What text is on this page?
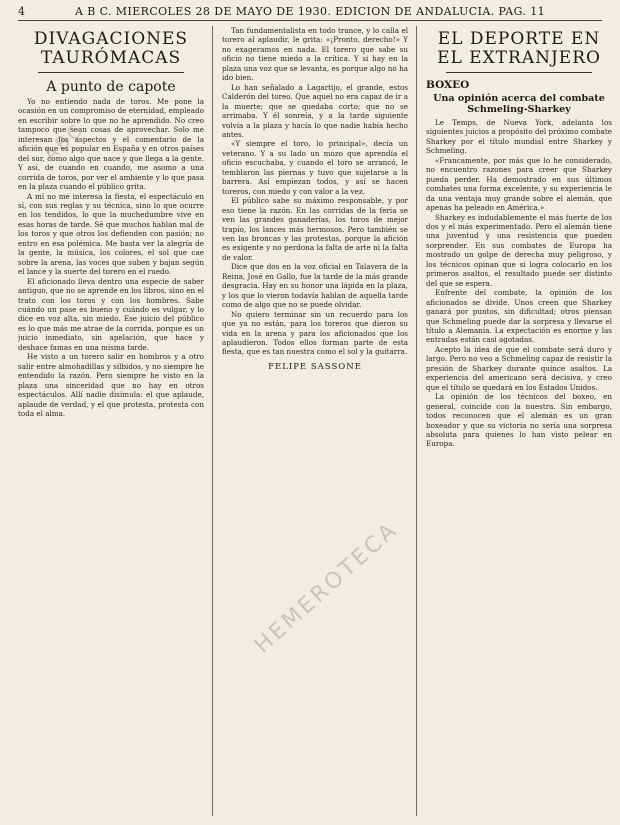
4	A B C. MIERCOLES 28 DE MAYO DE 1930. EDICION DE ANDALUCIA. PAG. 11
DIVAGACIONES TAURÓMACAS
A punto de capote

Yo no entiendo nada de toros. Me pone la ocasión en un compromiso de eternidad, empleado en escribir sobre lo que no he aprendido. No creo tampoco que sean cosas de aprovechar. Solo me interesan los aspectos y el comentario de la afición que es popular en España y en otros países del sur, como algo que nace y que llega a la gente. Y así, de cuando en cuando, me asomo a una corrida de toros, por ver el ambiente y lo que pasa en la plaza cuando el público grita.

A mí no me interesa la fiesta, el espectáculo en sí, con sus reglas y su técnica, sino lo que ocurre en los tendidos, lo que la muchedumbre vive en esas horas de tarde. Sé que muchos hablan mal de los toros y que otros los defienden con pasión; no entro en esa polémica. Me basta ver la alegría de la gente, la música, los colores, el sol que cae sobre la arena, las voces que suben y bajan según el lance y la suerte del torero en el ruedo.

El aficionado lleva dentro una especie de saber antiguo, que no se aprende en los libros, sino en el trato con los toros y con los hombres. Sabe cuándo un pase es bueno y cuándo es vulgar, y lo dice en voz alta, sin miedo. Ese juicio del público es lo que más me atrae de la corrida, porque es un juicio inmediato, sin apelación, que hace y deshace famas en una misma tarde.

He visto a un torero salir en hombros y a otro salir entre almohadillas y silbidos, y no siempre he entendido la razón. Pero siempre he visto en la plaza una sinceridad que no hay en otros espectáculos. Allí nadie disimula: el que aplaude, aplaude de verdad, y el que protesta, protesta con toda el alma.

Tan fundamentalista en todo trance, y lo calla el torero al aplaudir, le grita: «¡Pronto, derecho!» Y no exageramos en nada. El torero que sabe su oficio no tiene miedo a la crítica. Y si hay en la plaza una voz que se levanta, es porque algo no ha ido bien.

Lo han señalado a Lagartijo, el grande, estos Calderón del toreo. Que aquel no era capaz de ir a la muerte; que se quedaba corto; que no se arrimaba. Y él sonreía, y a la tarde siguiente volvía a la plaza y hacía lo que nadie había hecho antes.

«Y siempre el toro, lo principal», decía un veterano. Y a su lado un mozo que aprendía el oficio escuchaba, y cuando el toro se arrancó, le temblaron las piernas y tuvo que sujetarse a la barrera. Así empiezan todos, y así se hacen toreros, con miedo y con valor a la vez.

El público sabe su máximo responsable, y por eso tiene la razón. En las corridas de la feria se ven las grandes ganaderías, los toros de mejor trapío, los lances más hermosos. Pero también se ven las broncas y las protestas, porque la afición es exigente y no perdona la falta de arte ni la falta de valor.

Dice que dos en la voz oficial en Talavera de la Reina, José en Gallo, fue la tarde de la más grande desgracia. Hay en su honor una lápida en la plaza, y los que lo vieron todavía hablan de aquella tarde como de algo que no se puede olvidar.

No quiero terminar sin un recuerdo para los que ya no están, para los toreros que dieron su vida en la arena y para los aficionados que los aplaudieron. Todos ellos forman parte de esta fiesta, que es tan nuestra como el sol y la guitarra.

FELIPE SASSONE
EL DEPORTE EN EL EXTRANJERO
BOXEO
Una opinión acerca del combate Schmeling-Sharkey

Le Temps, de Nueva York, adelanta los siguientes juicios a propósito del próximo combate Sharkey por el título mundial entre Sharkey y Schmeling.

«Francamente, por más que lo he considerado, no encuentro razones para creer que Sharkey pueda perder. Ha demostrado en sus últimos combates una forma excelente, y su experiencia le da una ventaja muy grande sobre el alemán, que apenas ha peleado en América.»

Sharkey es indudablemente el más fuerte de los dos y el más experimentado. Pero el alemán tiene una juventud y una resistencia que pueden sorprender. En sus combates de Europa ha mostrado un golpe de derecha muy peligroso, y los técnicos opinan que si logra colocarlo en los primeros asaltos, el resultado puede ser distinto del que se espera.

Enfrente del combate, la opinión de los aficionados se divide. Unos creen que Sharkey ganará por puntos, sin dificultad; otros piensan que Schmeling puede dar la sorpresa y llevarse el título a Alemania. La expectación es enorme y las entradas están casi agotadas.

Acepto la idea de que el combate será duro y largo. Pero no veo a Schmeling capaz de resistir la presión de Sharkey durante quince asaltos. La experiencia del americano será decisiva, y creo que el título se quedará en los Estados Unidos.

La opinión de los técnicos del boxeo, en general, coincide con la nuestra. Sin embargo, todos reconocen que el alemán es un gran boxeador y que su victoria no sería una sorpresa absoluta para quienes lo han visto pelear en Europa.

ABC
HEMEROTECA
